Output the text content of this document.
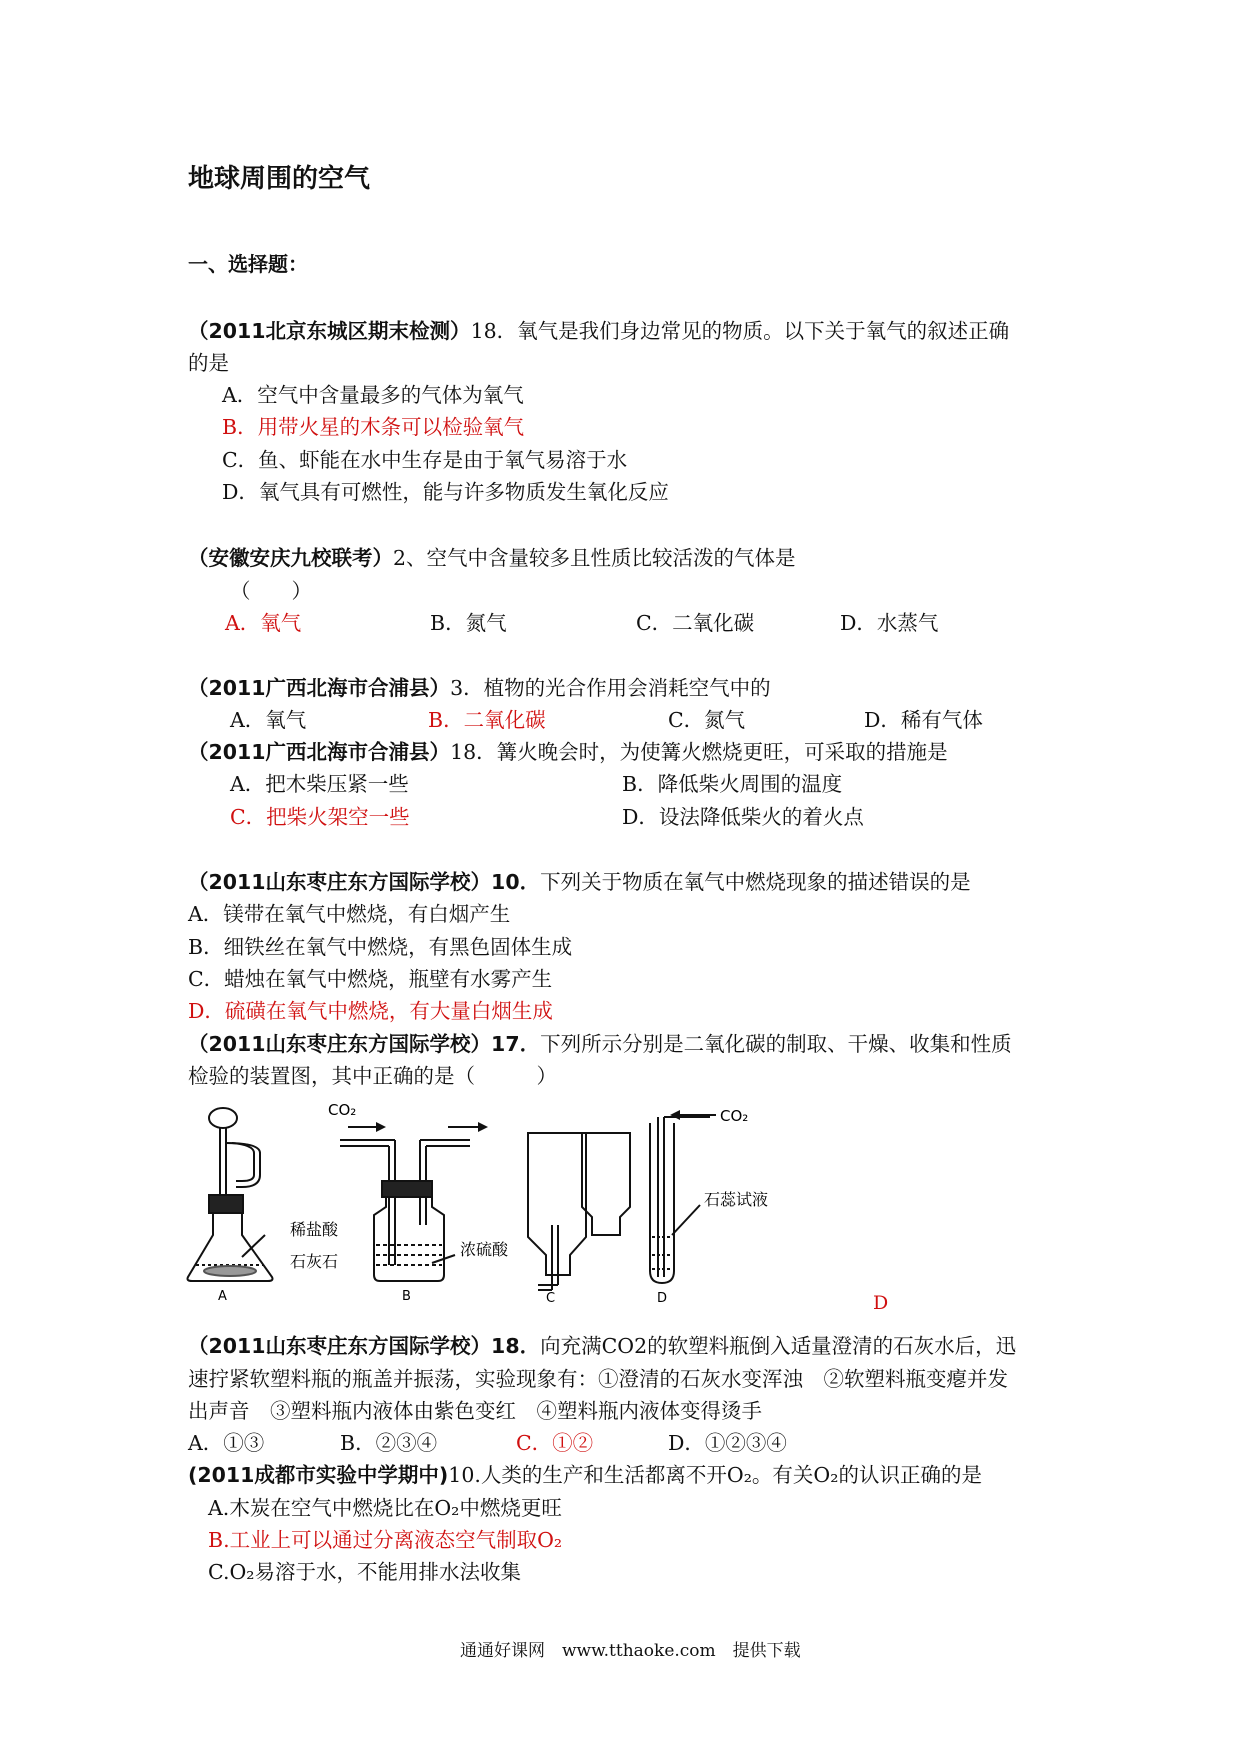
地球周围的空气
一、选择题：
（2011北京东城区期末检测）18．氧气是我们身边常见的物质。以下关于氧气的叙述正确
的是
A．空气中含量最多的气体为氧气
B．用带火星的木条可以检验氧气
C．鱼、虾能在水中生存是由于氧气易溶于水
D．氧气具有可燃性，能与许多物质发生氧化反应
（安徽安庆九校联考）2、空气中含量较多且性质比较活泼的气体是
（　　）
A．氧气	B．氮气	C．二氧化碳	D．水蒸气
（2011广西北海市合浦县）3．植物的光合作用会消耗空气中的
A．氧气	B．二氧化碳	C．氮气	D．稀有气体
（2011广西北海市合浦县）18．篝火晚会时，为使篝火燃烧更旺，可采取的措施是
A．把木柴压紧一些	B．降低柴火周围的温度
C．把柴火架空一些	D．设法降低柴火的着火点
（2011山东枣庄东方国际学校）10．下列关于物质在氧气中燃烧现象的描述错误的是
A．镁带在氧气中燃烧，有白烟产生
B．细铁丝在氧气中燃烧，有黑色固体生成
C．蜡烛在氧气中燃烧，瓶壁有水雾产生
D．硫磺在氧气中燃烧，有大量白烟生成
（2011山东枣庄东方国际学校）17．下列所示分别是二氧化碳的制取、干燥、收集和性质
检验的装置图，其中正确的是（　　　）
CO₂	CO₂
稀盐酸
石灰石
浓硫酸
石蕊试液
A	B	C	D	D
（2011山东枣庄东方国际学校）18．向充满CO2的软塑料瓶倒入适量澄清的石灰水后，迅
速拧紧软塑料瓶的瓶盖并振荡，实验现象有：①澄清的石灰水变浑浊　②软塑料瓶变瘪并发
出声音　③塑料瓶内液体由紫色变红　④塑料瓶内液体变得烫手
A．①③	B．②③④	C．①②	D．①②③④
(2011成都市实验中学期中)10.人类的生产和生活都离不开O₂。有关O₂的认识正确的是
A.木炭在空气中燃烧比在O₂中燃烧更旺
B.工业上可以通过分离液态空气制取O₂
C.O₂易溶于水，不能用排水法收集
通通好课网　www.tthaoke.com　提供下载
